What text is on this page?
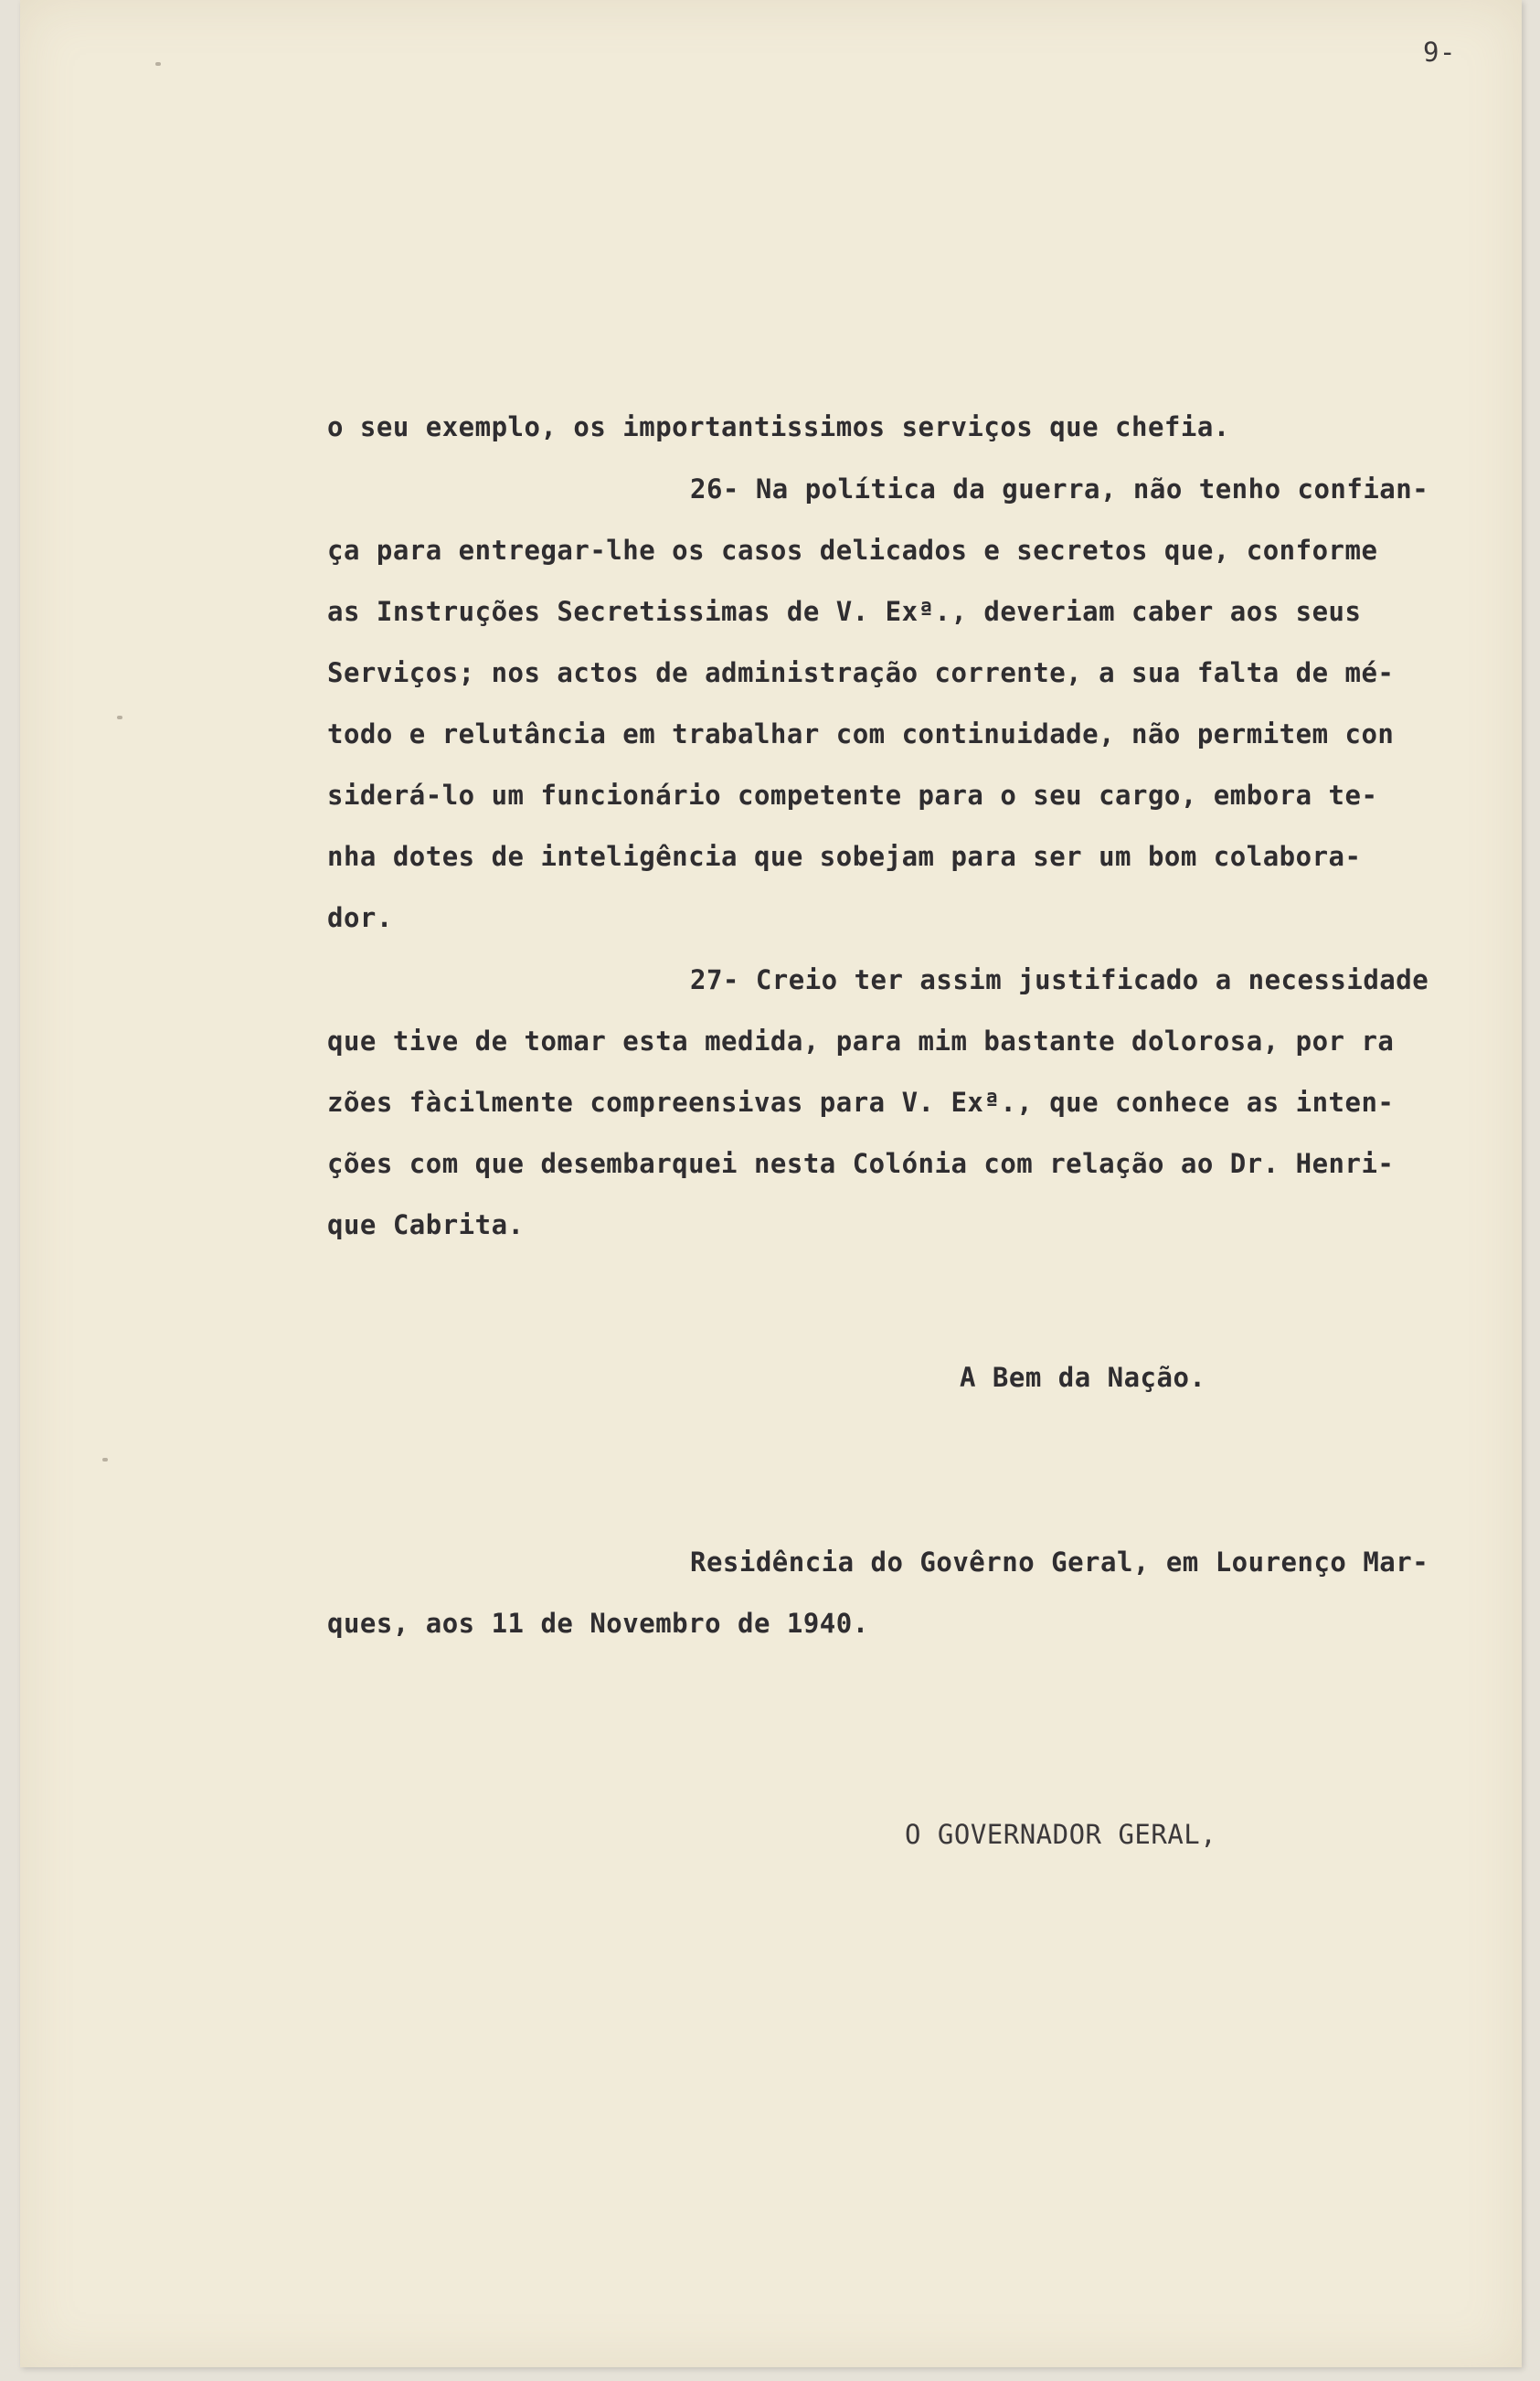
9-
o seu exemplo, os importantissimos serviços que chefia.
26- Na política da guerra, não tenho confian-
ça para entregar-lhe os casos delicados e secretos que, conforme
as Instruções Secretissimas de V. Exª., deveriam caber aos seus
Serviços; nos actos de administração corrente, a sua falta de mé-
todo e relutância em trabalhar com continuidade, não permitem con
siderá-lo um funcionário competente para o seu cargo, embora te-
nha dotes de inteligência que sobejam para ser um bom colabora-
dor.
27- Creio ter assim justificado a necessidade
que tive de tomar esta medida, para mim bastante dolorosa, por ra
zões fàcilmente compreensivas para V. Exª., que conhece as inten-
ções com que desembarquei nesta Colónia com relação ao Dr. Henri-
que Cabrita.
A Bem da Nação.
Residência do Govêrno Geral, em Lourenço Mar-
ques, aos 11 de Novembro de 1940.
O GOVERNADOR GERAL,
